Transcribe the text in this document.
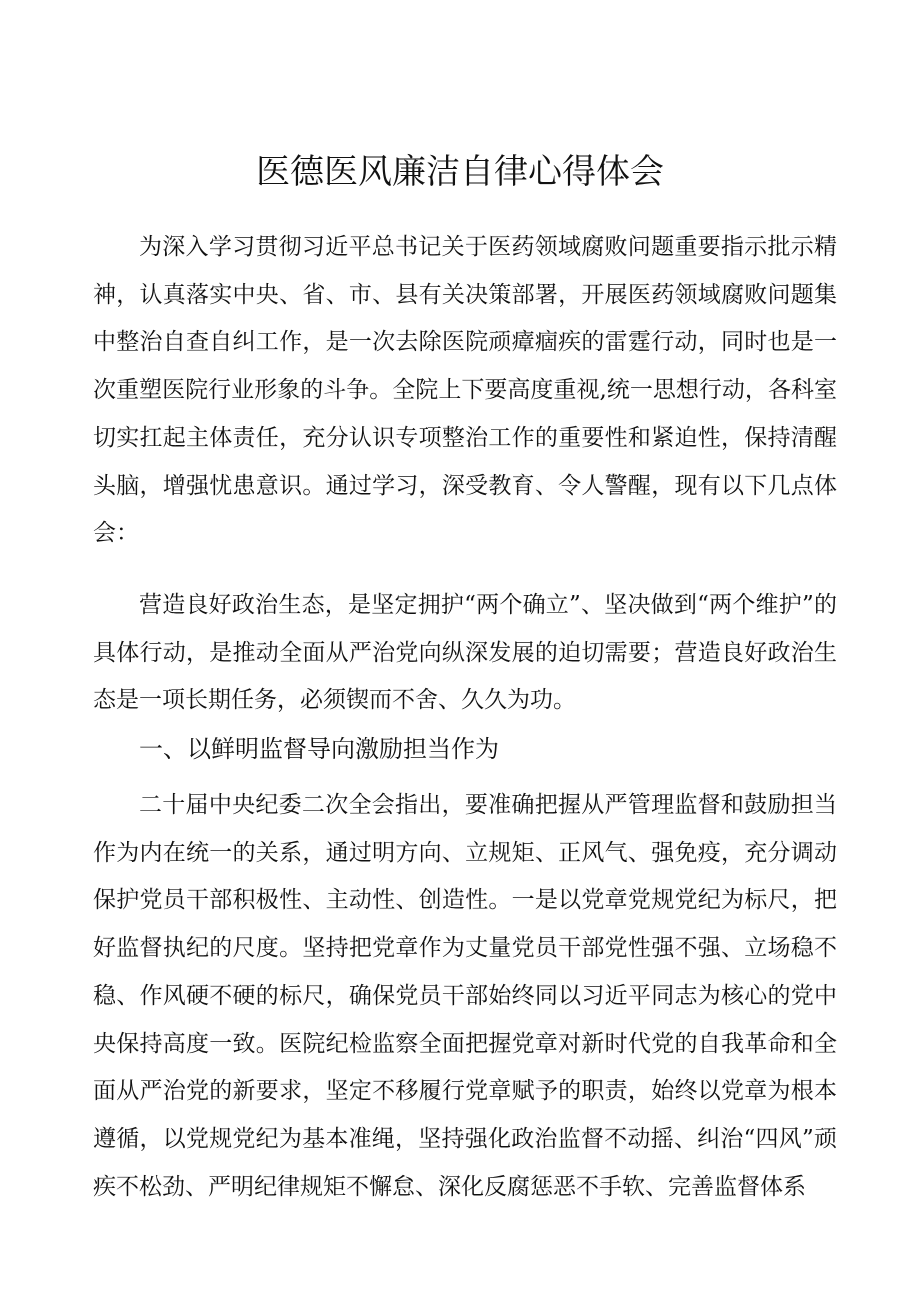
医德医风廉洁自律心得体会

为深入学习贯彻习近平总书记关于医药领域腐败问题重要指示批示精神，认真落实中央、省、市、县有关决策部署，开展医药领域腐败问题集中整治自查自纠工作，是一次去除医院顽瘴痼疾的雷霆行动，同时也是一次重塑医院行业形象的斗争。全院上下要高度重视,统一思想行动，各科室切实扛起主体责任，充分认识专项整治工作的重要性和紧迫性，保持清醒头脑，增强忧患意识。通过学习，深受教育、令人警醒，现有以下几点体会：

营造良好政治生态，是坚定拥护“两个确立”、坚决做到“两个维护”的具体行动，是推动全面从严治党向纵深发展的迫切需要；营造良好政治生态是一项长期任务，必须锲而不舍、久久为功。

一、以鲜明监督导向激励担当作为

二十届中央纪委二次全会指出，要准确把握从严管理监督和鼓励担当作为内在统一的关系，通过明方向、立规矩、正风气、强免疫，充分调动保护党员干部积极性、主动性、创造性。一是以党章党规党纪为标尺，把好监督执纪的尺度。坚持把党章作为丈量党员干部党性强不强、立场稳不稳、作风硬不硬的标尺，确保党员干部始终同以习近平同志为核心的党中央保持高度一致。医院纪检监察全面把握党章对新时代党的自我革命和全面从严治党的新要求，坚定不移履行党章赋予的职责，始终以党章为根本遵循，以党规党纪为基本准绳，坚持强化政治监督不动摇、纠治“四风”顽疾不松劲、严明纪律规矩不懈怠、深化反腐惩恶不手软、完善监督体系
